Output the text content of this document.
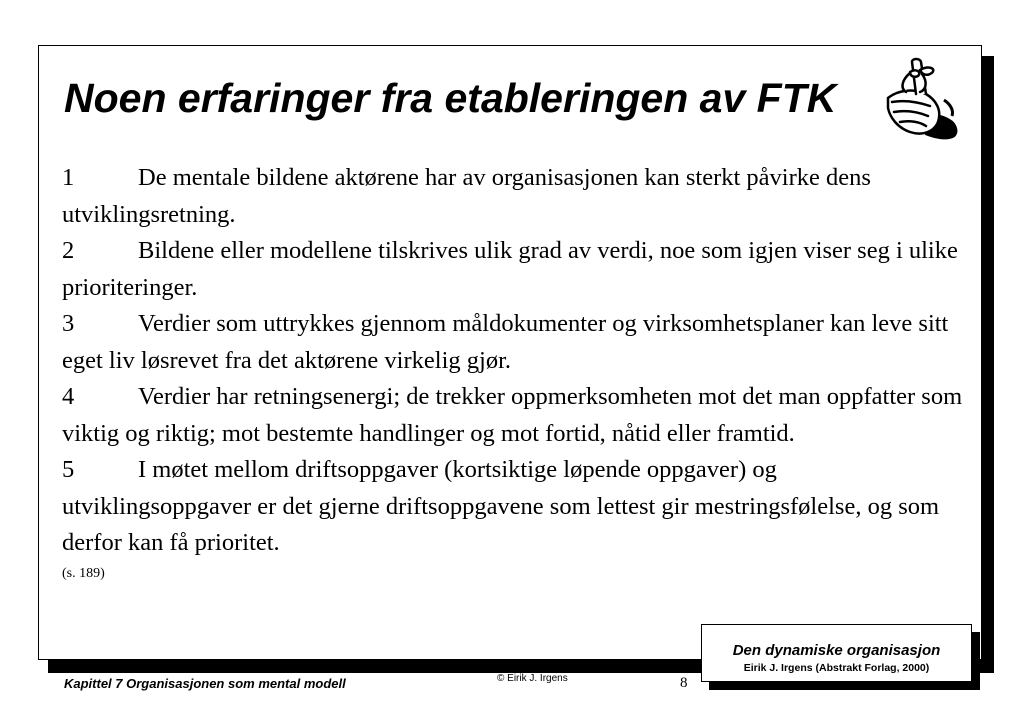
Noen erfaringer fra etableringen av FTK

1	De mentale bildene aktørene har av organisasjonen kan sterkt påvirke dens utviklingsretning.

2	Bildene eller modellene tilskrives ulik grad av verdi, noe som igjen viser seg i ulike prioriteringer.

3	Verdier som uttrykkes gjennom måldokumenter og virksomhetsplaner kan leve sitt eget liv løsrevet fra det aktørene virkelig gjør.

4	Verdier har retningsenergi; de trekker oppmerksomheten mot det man oppfatter som viktig og riktig; mot bestemte handlinger og mot fortid, nåtid eller framtid.

5	I møtet mellom driftsoppgaver (kortsiktige løpende oppgaver) og utviklingsoppgaver er det gjerne driftsoppgavene som lettest gir mestringsfølelse, og som derfor kan få prioritet.

(s. 189)
Den dynamiske organisasjon
Eirik J. Irgens (Abstrakt Forlag, 2000)
Kapittel 7 Organisasjonen som mental modell	© Eirik J. Irgens	8
